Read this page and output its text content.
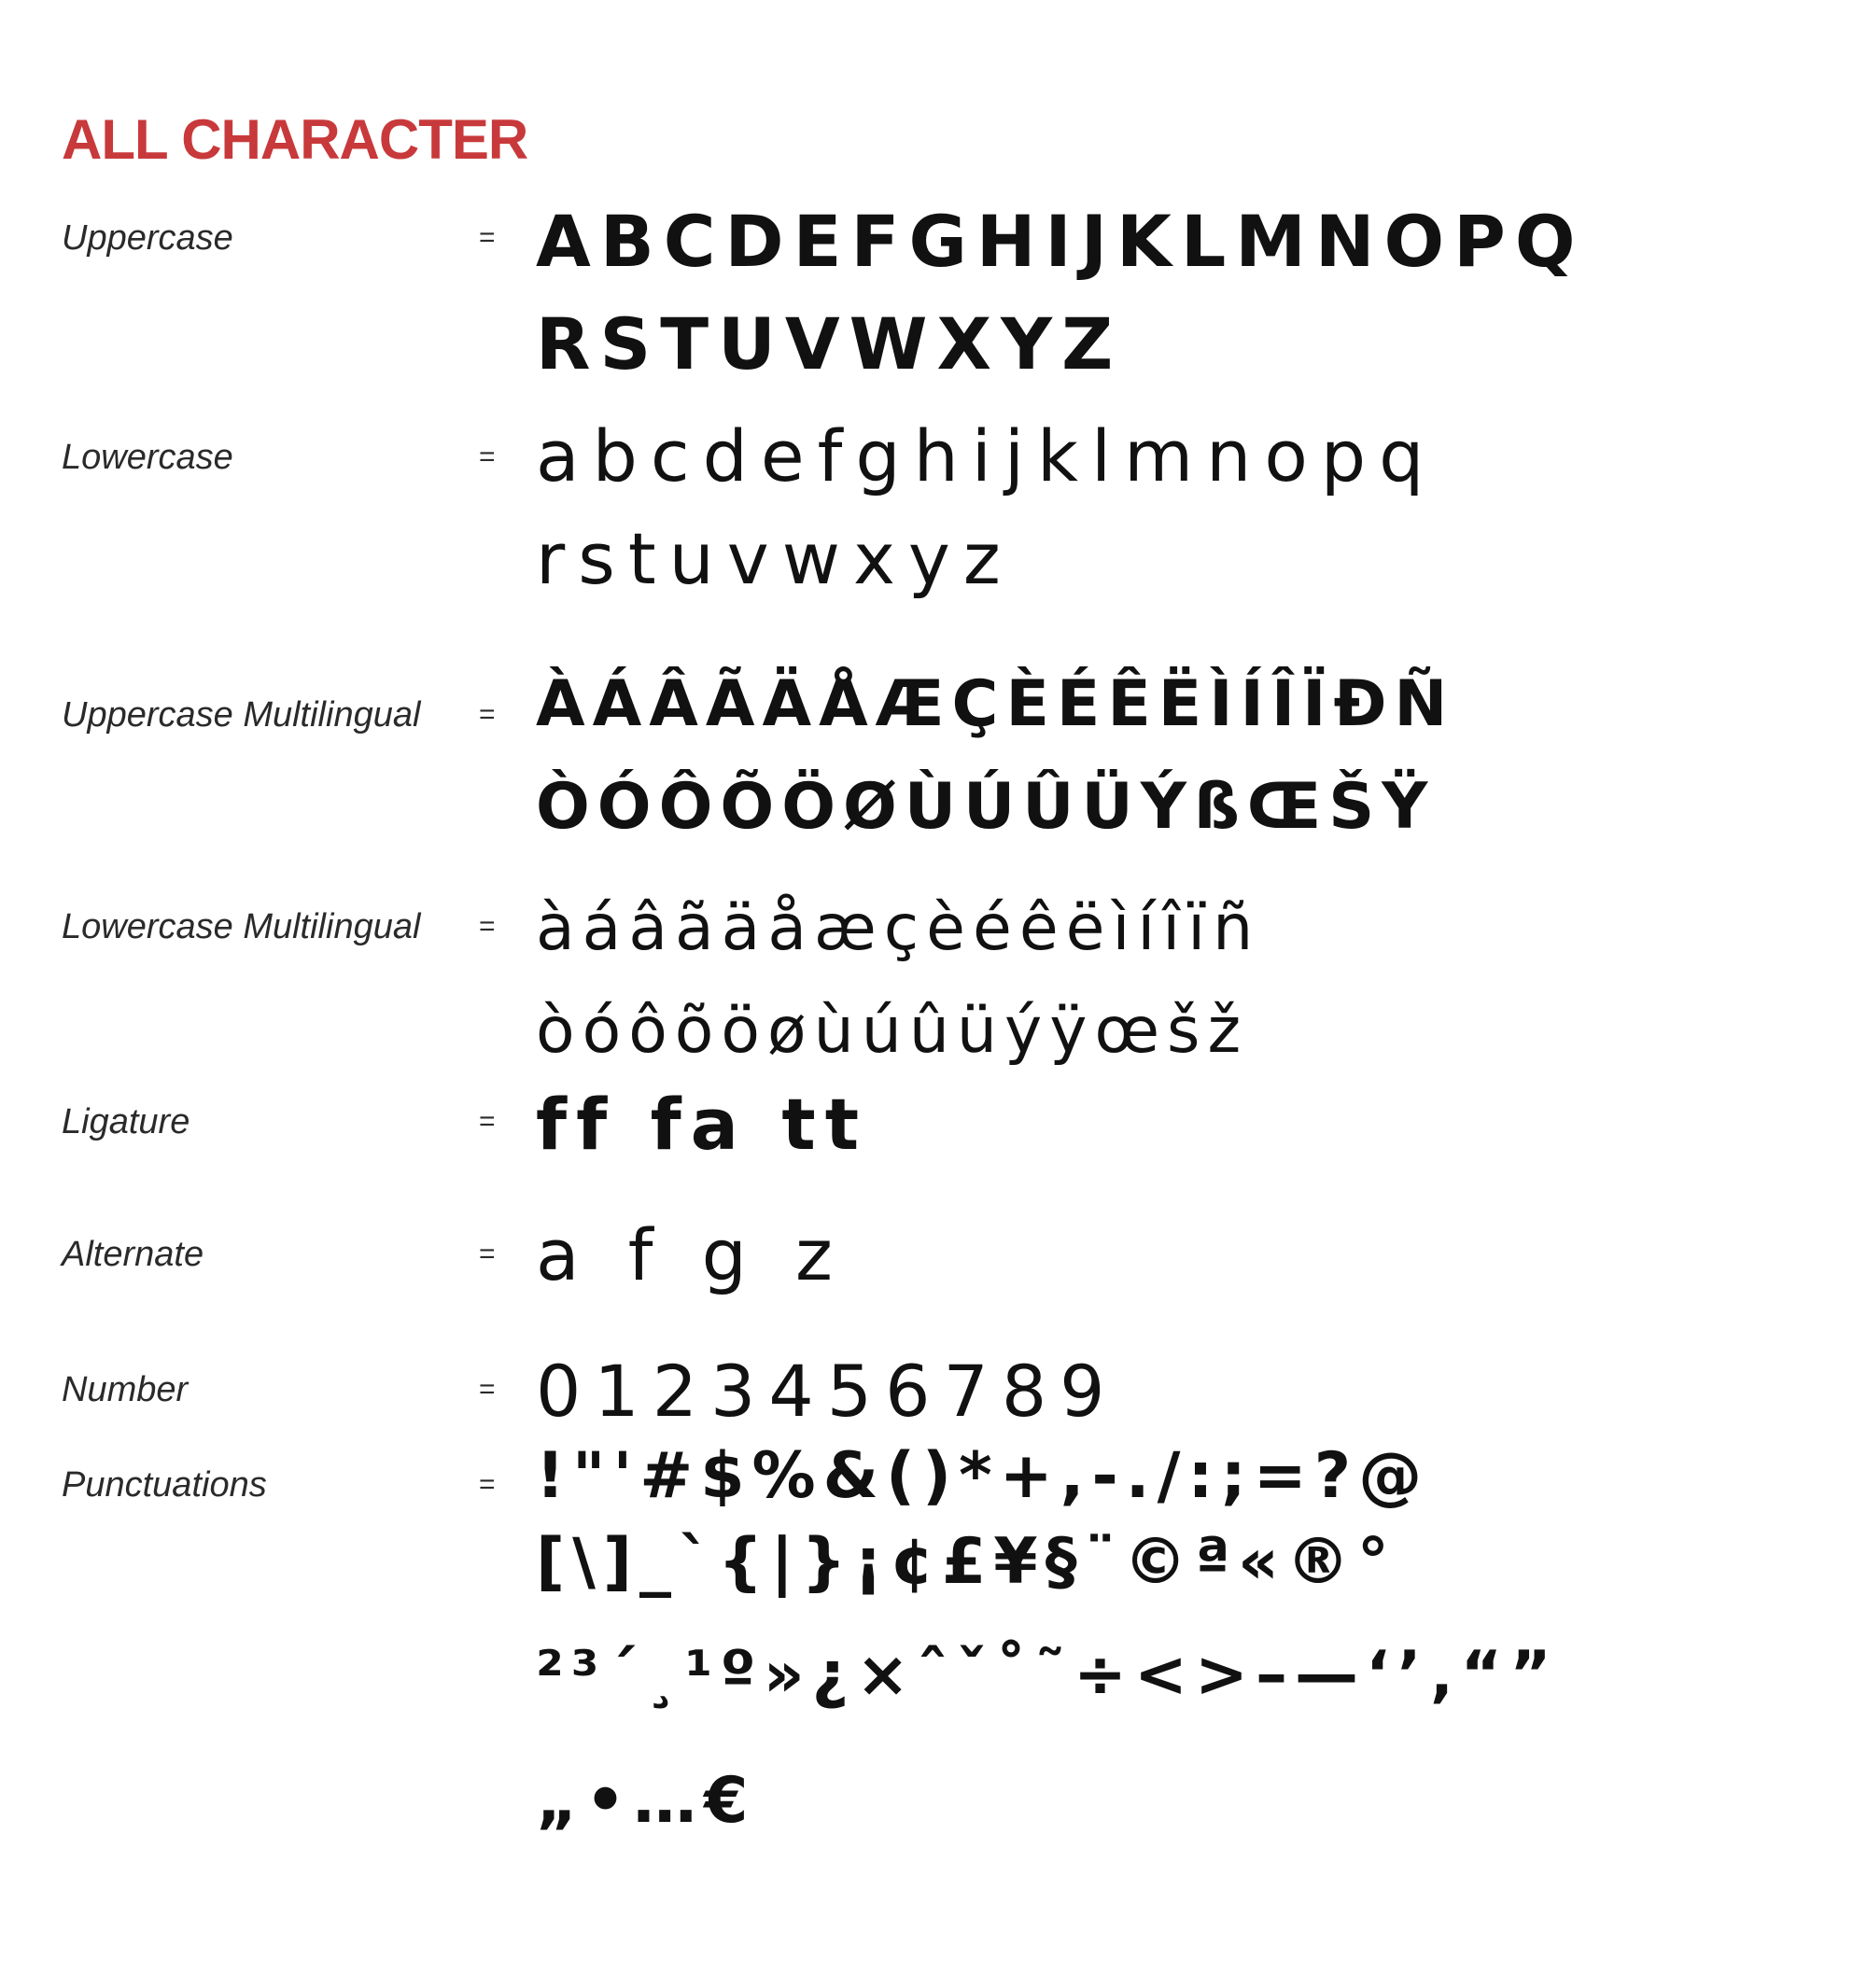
ALL CHARACTER
Uppercase	= ABCDEFGHIJKLMNOPQ
RSTUVWXYZ
Lowercase	= abcdefghijklmnopq
rstuvwxyz
Uppercase Multilingual = ÀÁÂÃÄÅÆÇÈÉÊËÌÍÎÏÐÑ
ÒÓÔÕÖØÙÚÛÜÝßŒŠŸ
Lowercase Multilingual = àáâãäåæçèéêëìíîïñ
òóôõöøùúûüýÿœšž
Ligature	= ff fa tt
Alternate	= a f g z
Number	= 0123456789
Punctuations	= !"'#$%&()*+,-./:;=?@
[\]_`{|}¡¢£¥§¨©ª«®°
²³´¸¹º»¿×ˆˇ˚˜÷<>–—‘’‚“”
„•…€
